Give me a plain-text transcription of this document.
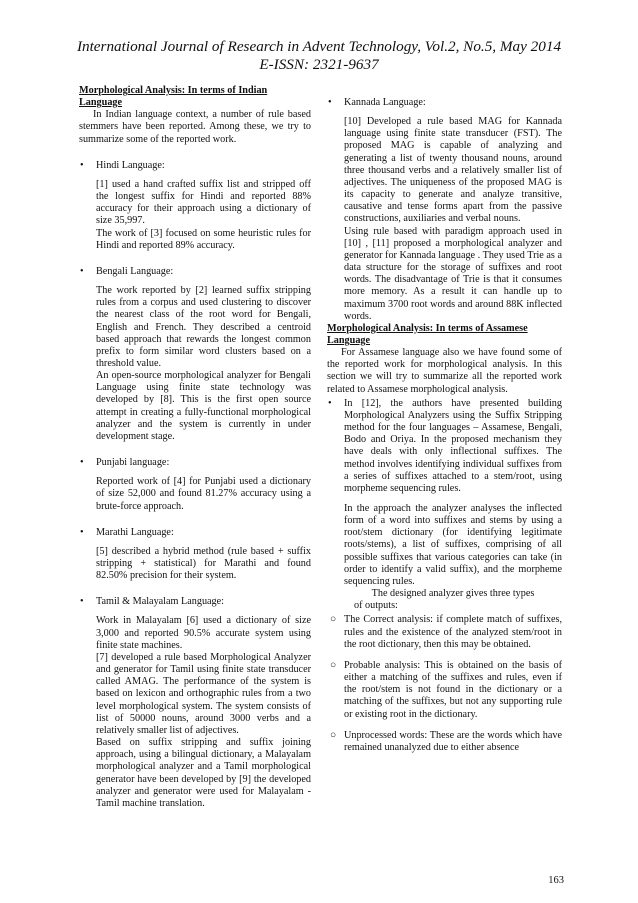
International Journal of Research in Advent Technology, Vol.2, No.5, May 2014
E-ISSN: 2321-9637

Morphological Analysis: In terms of Indian
Language

In Indian language context, a number of rule based stemmers have been reported. Among these, we try to summarize some of the reported work.

• Hindi Language:

[1] used a hand crafted suffix list and stripped off the longest suffix for Hindi and reported 88% accuracy for their approach using a dictionary of size 35,997.

The work of [3] focused on some heuristic rules for Hindi and reported 89% accuracy.

• Bengali Language:

The work reported by [2] learned suffix stripping rules from a corpus and used clustering to discover the nearest class of the root word for Bengali, English and French. They described a centroid based approach that rewards the longest common prefix to form similar word clusters based on a threshold value.

An open-source morphological analyzer for Bengali Language using finite state technology was developed by [8]. This is the first open source attempt in creating a fully-functional morphological analyzer and the system is currently in under development stage.

• Punjabi language:

Reported work of [4] for Punjabi used a dictionary of size 52,000 and found 81.27% accuracy using a brute-force approach.

• Marathi Language:

[5] described a hybrid method (rule based + suffix stripping + statistical) for Marathi and found 82.50% precision for their system.

• Tamil & Malayalam Language:

Work in Malayalam [6] used a dictionary of size 3,000 and reported 90.5% accurate system using finite state machines.

[7] developed a rule based Morphological Analyzer and generator for Tamil using finite state transducer called AMAG. The performance of the system is based on lexicon and orthographic rules from a two level morphological system. The system consists of list of 50000 nouns, around 3000 verbs and a relatively smaller list of adjectives.

Based on suffix stripping and suffix joining approach, using a bilingual dictionary, a Malayalam morphological analyzer and a Tamil morphological generator have been developed by [9] the developed analyzer and generator were used for Malayalam - Tamil machine translation.

• Kannada Language:

[10] Developed a rule based MAG for Kannada language using finite state transducer (FST). The proposed MAG is capable of analyzing and generating a list of twenty thousand nouns, around three thousand verbs and a relatively smaller list of adjectives. The uniqueness of the proposed MAG is its capacity to generate and analyze transitive, causative and tense forms apart from the passive constructions, auxiliaries and verbal nouns.

Using rule based with paradigm approach used in [10] , [11] proposed a morphological analyzer and generator for Kannada language . They used Trie as a data structure for the storage of suffixes and root words. The disadvantage of Trie is that it consumes more memory. As a result it can handle up to maximum 3700 root words and around 88K inflected words.

Morphological Analysis: In terms of Assamese
Language

For Assamese language also we have found some of the reported work for morphological analysis. In this section we will try to summarize all the reported work related to Assamese morphological analysis.

• In [12], the authors have presented building Morphological Analyzers using the Suffix Stripping method for the four languages – Assamese, Bengali, Bodo and Oriya. In the proposed mechanism they have deals with only inflectional suffixes. The method involves identifying individual suffixes from a series of suffixes attached to a stem/root, using morpheme sequencing rules.

In the approach the analyzer analyses the inflected form of a word into suffixes and stems by using a root/stem dictionary (for identifying legitimate roots/stems), a list of suffixes, comprising of all possible suffixes that various categories can take (in order to identify a valid suffix), and the morpheme sequencing rules.

The designed analyzer gives three types

of outputs:

○ The Correct analysis: if complete match of suffixes, rules and the existence of the analyzed stem/root in the root dictionary, then this may be obtained.

○ Probable analysis: This is obtained on the basis of either a matching of the suffixes and rules, even if the root/stem is not found in the dictionary or a matching of the suffixes, but not any supporting rule or existing root in the dictionary.

○ Unprocessed words: These are the words which have remained unanalyzed due to either absence

163
